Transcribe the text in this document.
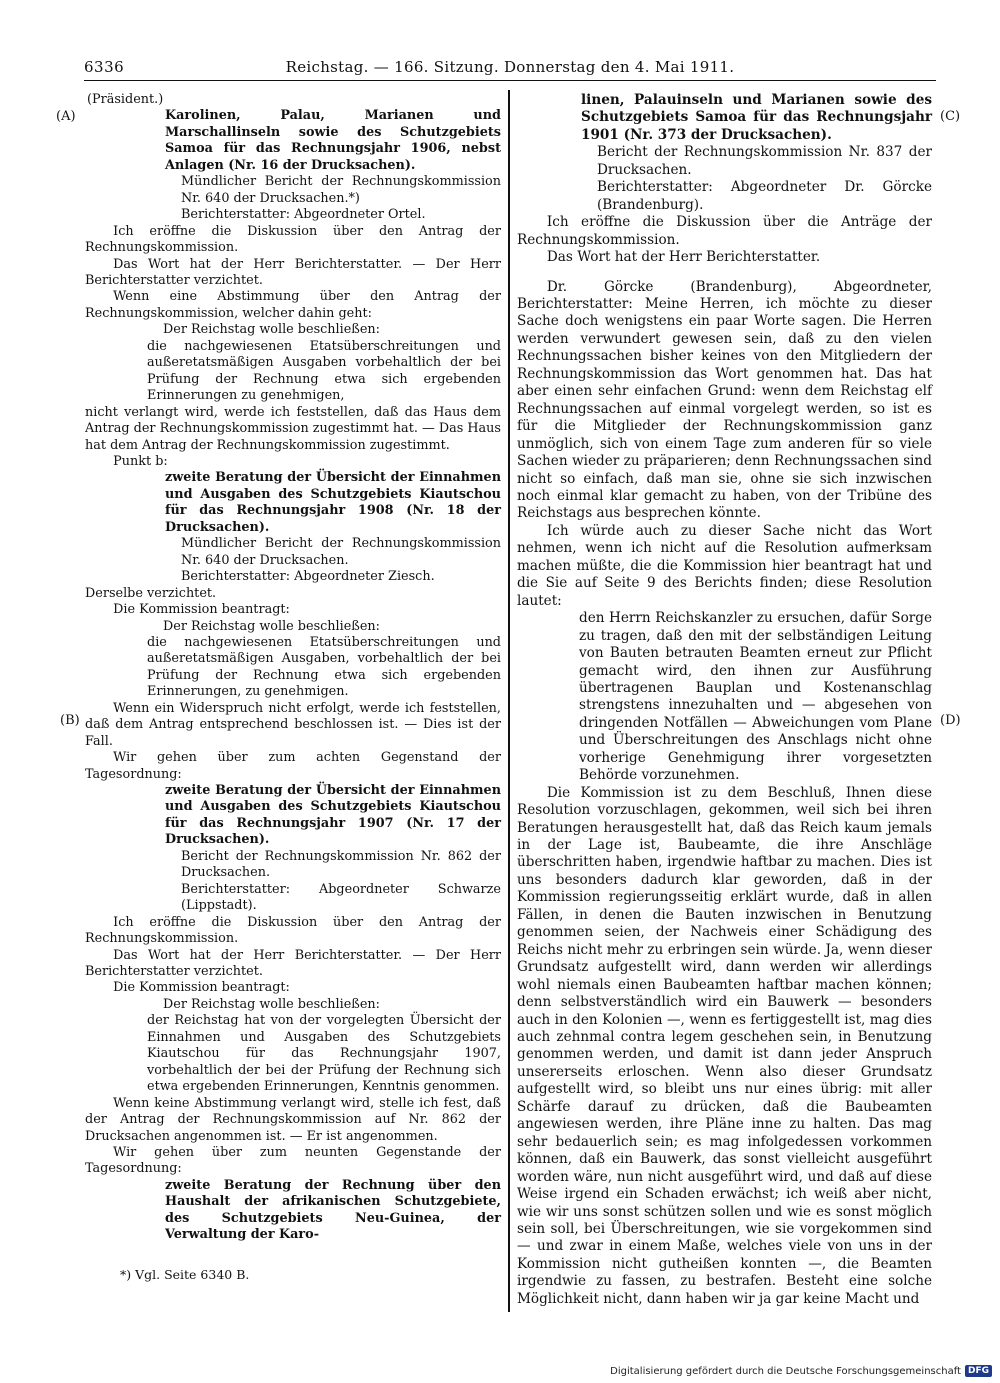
6336	Reichstag. — 166. Sitzung. Donnerstag den 4. Mai 1911.
(A)
(B)
(C)
(D)

(Präsident.)

Karolinen, Palau, Marianen und Marschallinseln sowie des Schutzgebiets Samoa für das Rechnungsjahr 1906, nebst Anlagen (Nr. 16 der Drucksachen).

Mündlicher Bericht der Rechnungskommission Nr. 640 der Drucksachen.*)

Berichterstatter: Abgeordneter Ortel.

Ich eröffne die Diskussion über den Antrag der Rechnungskommission.

Das Wort hat der Herr Berichterstatter. — Der Herr Berichterstatter verzichtet.

Wenn eine Abstimmung über den Antrag der Rechnungskommission, welcher dahin geht:

Der Reichstag wolle beschließen:

die nachgewiesenen Etatsüberschreitungen und außeretatsmäßigen Ausgaben vorbehaltlich der bei Prüfung der Rechnung etwa sich ergebenden Erinnerungen zu genehmigen,

nicht verlangt wird, werde ich feststellen, daß das Haus dem Antrag der Rechnungskommission zugestimmt hat. — Das Haus hat dem Antrag der Rechnungskommission zugestimmt.

Punkt b:

zweite Beratung der Übersicht der Einnahmen und Ausgaben des Schutzgebiets Kiautschou für das Rechnungsjahr 1908 (Nr. 18 der Drucksachen).

Mündlicher Bericht der Rechnungskommission Nr. 640 der Drucksachen.

Berichterstatter: Abgeordneter Ziesch.

Derselbe verzichtet.

Die Kommission beantragt:

Der Reichstag wolle beschließen:

die nachgewiesenen Etatsüberschreitungen und außeretatsmäßigen Ausgaben, vorbehaltlich der bei Prüfung der Rechnung etwa sich ergebenden Erinnerungen, zu genehmigen.

Wenn ein Widerspruch nicht erfolgt, werde ich feststellen, daß dem Antrag entsprechend beschlossen ist. — Dies ist der Fall.

Wir gehen über zum achten Gegenstand der Tagesordnung:

zweite Beratung der Übersicht der Einnahmen und Ausgaben des Schutzgebiets Kiautschou für das Rechnungsjahr 1907 (Nr. 17 der Drucksachen).

Bericht der Rechnungskommission Nr. 862 der Drucksachen.

Berichterstatter: Abgeordneter Schwarze (Lippstadt).

Ich eröffne die Diskussion über den Antrag der Rechnungskommission.

Das Wort hat der Herr Berichterstatter. — Der Herr Berichterstatter verzichtet.

Die Kommission beantragt:

Der Reichstag wolle beschließen:

der Reichstag hat von der vorgelegten Übersicht der Einnahmen und Ausgaben des Schutzgebiets Kiautschou für das Rechnungsjahr 1907, vorbehaltlich der bei der Prüfung der Rechnung sich etwa ergebenden Erinnerungen, Kenntnis genommen.

Wenn keine Abstimmung verlangt wird, stelle ich fest, daß der Antrag der Rechnungskommission auf Nr. 862 der Drucksachen angenommen ist. — Er ist angenommen.

Wir gehen über zum neunten Gegenstande der Tagesordnung:

zweite Beratung der Rechnung über den Haushalt der afrikanischen Schutzgebiete, des Schutzgebiets Neu-Guinea, der Verwaltung der Karo-

*) Vgl. Seite 6340 B.

linen, Palauinseln und Marianen sowie des Schutzgebiets Samoa für das Rechnungsjahr 1901 (Nr. 373 der Drucksachen).

Bericht der Rechnungskommission Nr. 837 der Drucksachen.

Berichterstatter: Abgeordneter Dr. Görcke (Brandenburg).

Ich eröffne die Diskussion über die Anträge der Rechnungskommission.

Das Wort hat der Herr Berichterstatter.

Dr. Görcke (Brandenburg), Abgeordneter, Berichterstatter: Meine Herren, ich möchte zu dieser Sache doch wenigstens ein paar Worte sagen. Die Herren werden verwundert gewesen sein, daß zu den vielen Rechnungssachen bisher keines von den Mitgliedern der Rechnungskommission das Wort genommen hat. Das hat aber einen sehr einfachen Grund: wenn dem Reichstag elf Rechnungssachen auf einmal vorgelegt werden, so ist es für die Mitglieder der Rechnungskommission ganz unmöglich, sich von einem Tage zum anderen für so viele Sachen wieder zu präparieren; denn Rechnungssachen sind nicht so einfach, daß man sie, ohne sie sich inzwischen noch einmal klar gemacht zu haben, von der Tribüne des Reichstags aus besprechen könnte.

Ich würde auch zu dieser Sache nicht das Wort nehmen, wenn ich nicht auf die Resolution aufmerksam machen müßte, die die Kommission hier beantragt hat und die Sie auf Seite 9 des Berichts finden; diese Resolution lautet:

den Herrn Reichskanzler zu ersuchen, dafür Sorge zu tragen, daß den mit der selbständigen Leitung von Bauten betrauten Beamten erneut zur Pflicht gemacht wird, den ihnen zur Ausführung übertragenen Bauplan und Kostenanschlag strengstens innezuhalten und — abgesehen von dringenden Notfällen — Abweichungen vom Plane und Überschreitungen des Anschlags nicht ohne vorherige Genehmigung ihrer vorgesetzten Behörde vorzunehmen.

Die Kommission ist zu dem Beschluß, Ihnen diese Resolution vorzuschlagen, gekommen, weil sich bei ihren Beratungen herausgestellt hat, daß das Reich kaum jemals in der Lage ist, Baubeamte, die ihre Anschläge überschritten haben, irgendwie haftbar zu machen. Dies ist uns besonders dadurch klar geworden, daß in der Kommission regierungsseitig erklärt wurde, daß in allen Fällen, in denen die Bauten inzwischen in Benutzung genommen seien, der Nachweis einer Schädigung des Reichs nicht mehr zu erbringen sein würde. Ja, wenn dieser Grundsatz aufgestellt wird, dann werden wir allerdings wohl niemals einen Baubeamten haftbar machen können; denn selbstverständlich wird ein Bauwerk — besonders auch in den Kolonien —, wenn es fertiggestellt ist, mag dies auch zehnmal contra legem geschehen sein, in Benutzung genommen werden, und damit ist dann jeder Anspruch unsererseits erloschen. Wenn also dieser Grundsatz aufgestellt wird, so bleibt uns nur eines übrig: mit aller Schärfe darauf zu drücken, daß die Baubeamten angewiesen werden, ihre Pläne inne zu halten. Das mag sehr bedauerlich sein; es mag infolgedessen vorkommen können, daß ein Bauwerk, das sonst vielleicht ausgeführt worden wäre, nun nicht ausgeführt wird, und daß auf diese Weise irgend ein Schaden erwächst; ich weiß aber nicht, wie wir uns sonst schützen sollen und wie es sonst möglich sein soll, bei Überschreitungen, wie sie vorgekommen sind — und zwar in einem Maße, welches viele von uns in der Kommission nicht gutheißen konnten —, die Beamten irgendwie zu fassen, zu bestrafen. Besteht eine solche Möglichkeit nicht, dann haben wir ja gar keine Macht und

Digitalisierung gefördert durch die Deutsche Forschungsgemeinschaft DFG
